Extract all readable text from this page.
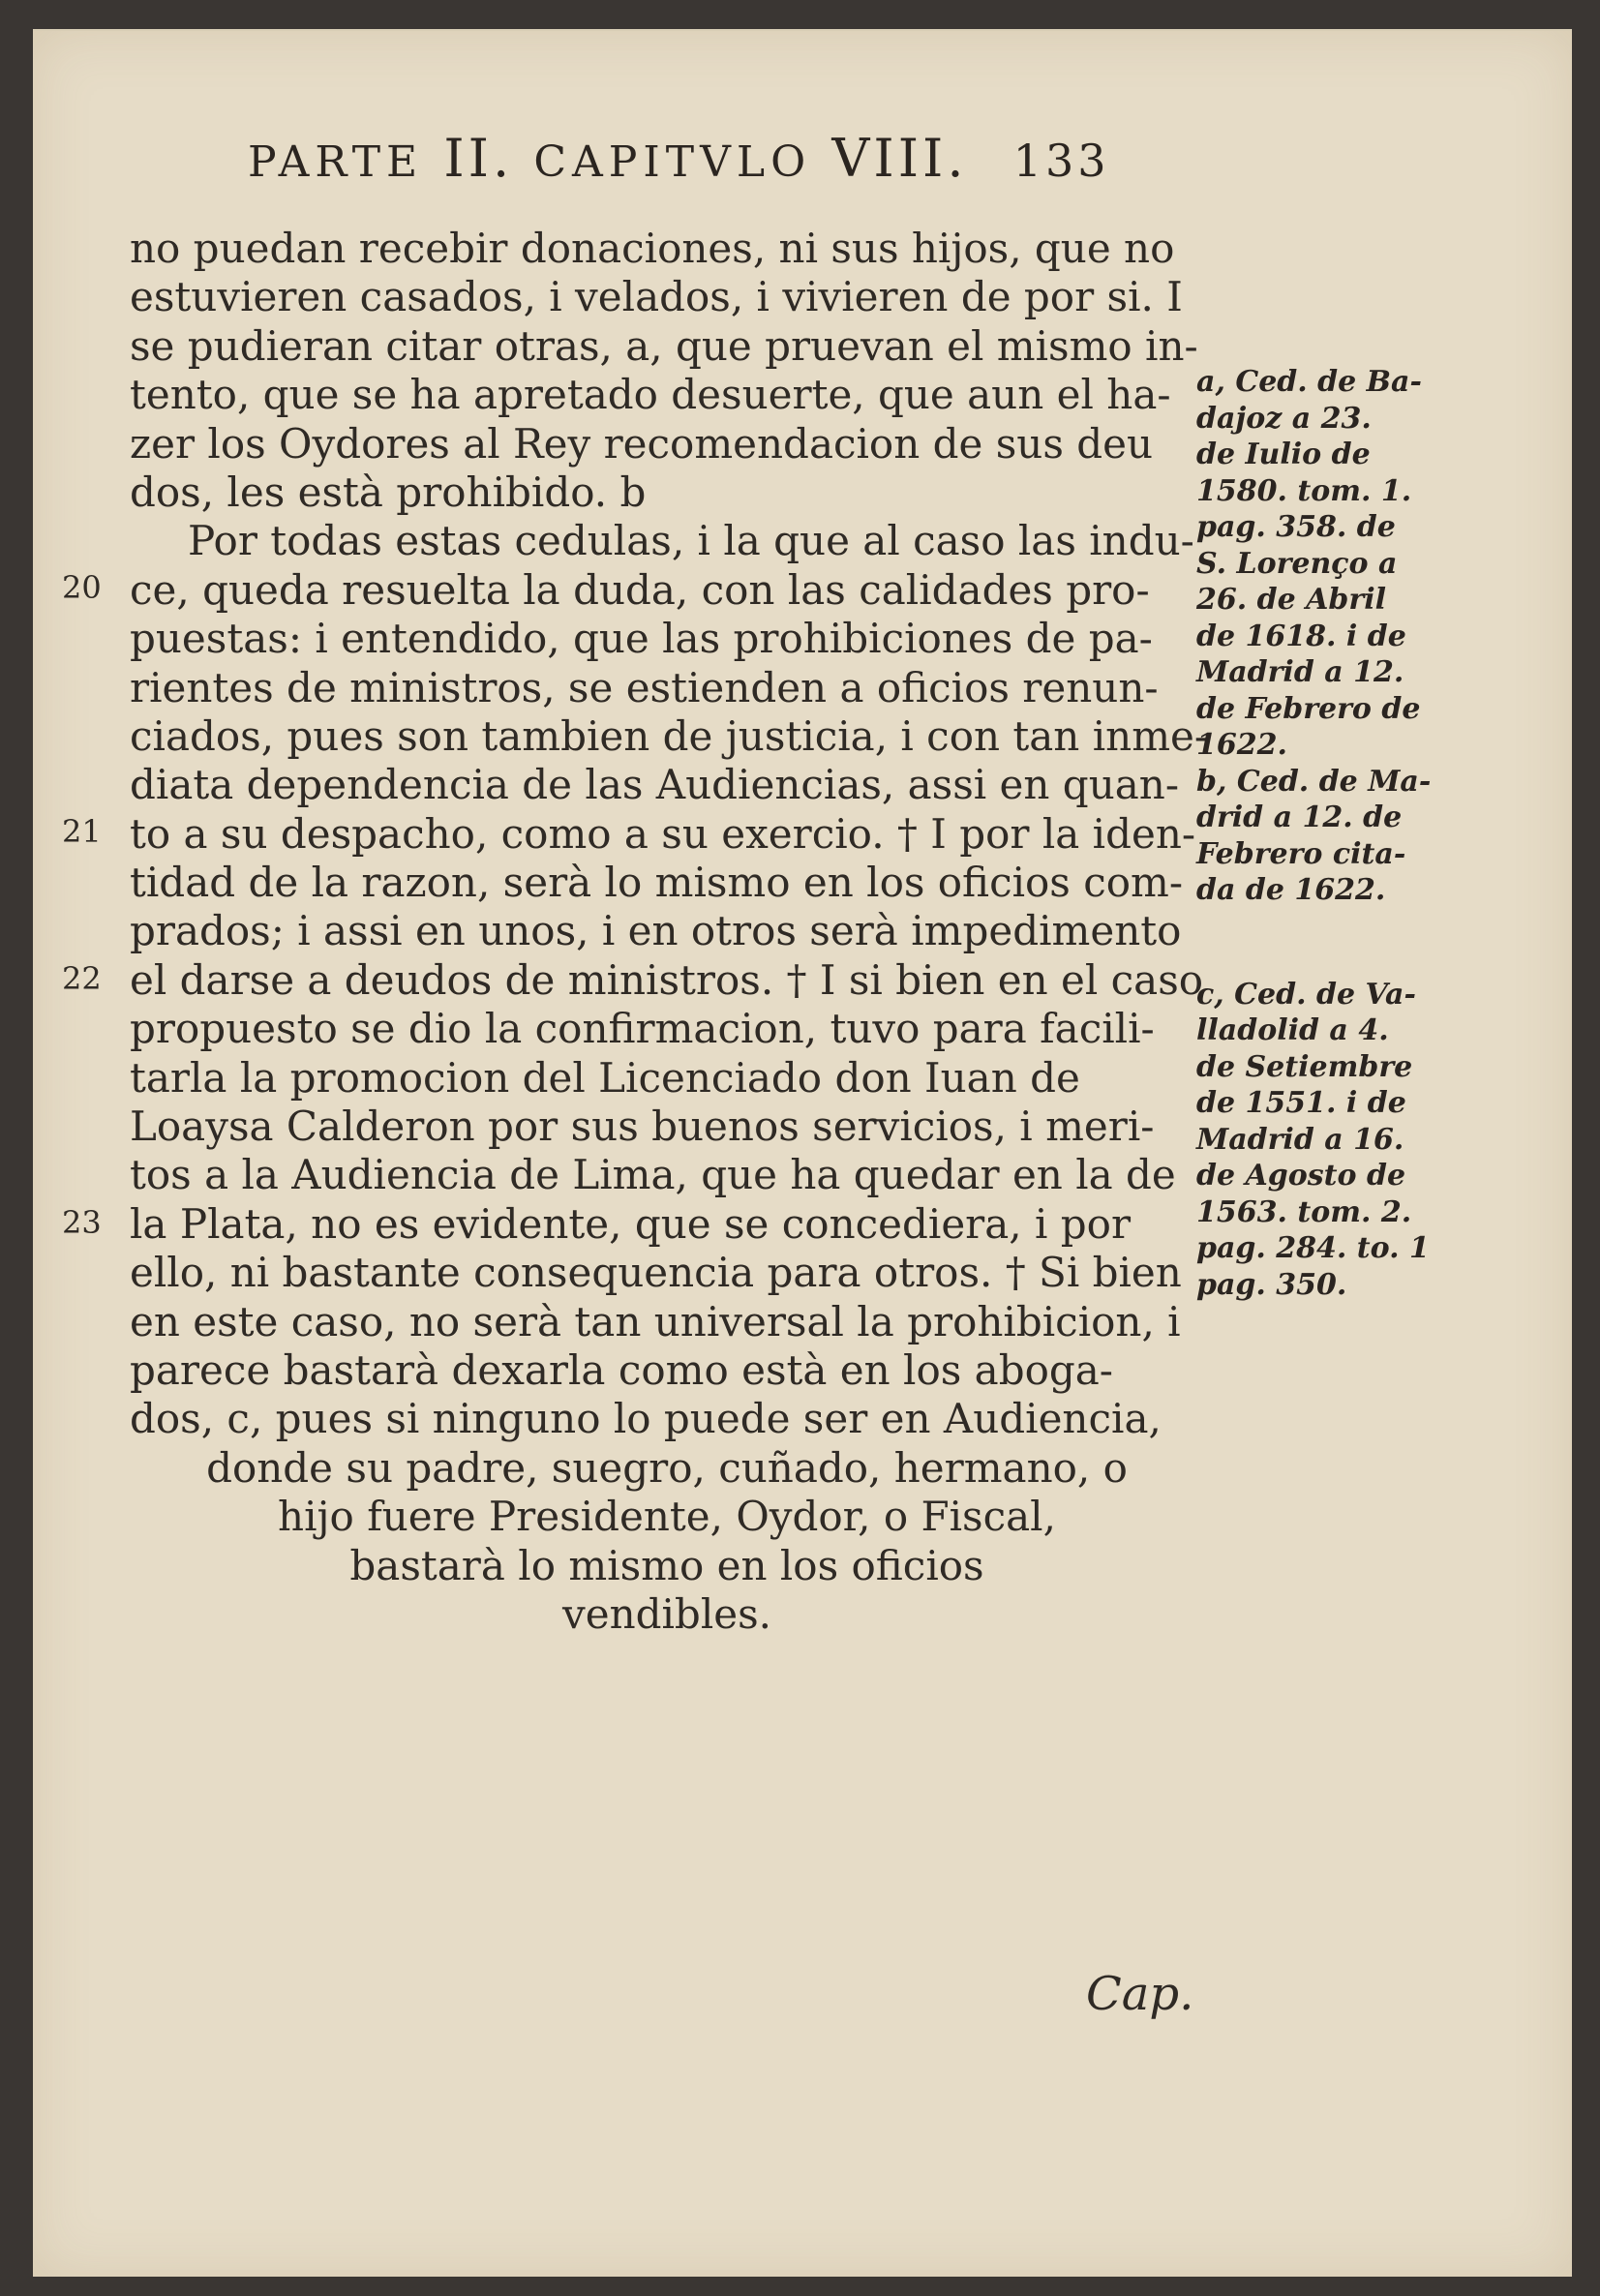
PARTE II. CAPITVLO VIII. 133
20
21
22
23
no puedan recebir donaciones, ni sus hijos, que no
estuvieren casados, i velados, i vivieren de por si. I
se pudieran citar otras, a, que pruevan el mismo in-
tento, que se ha apretado desuerte, que aun el ha-
zer los Oydores al Rey recomendacion de sus deu
dos, les està prohibido. b
Por todas estas cedulas, i la que al caso las indu-
ce, queda resuelta la duda, con las calidades pro-
puestas: i entendido, que las prohibiciones de pa-
rientes de ministros, se estienden a oficios renun-
ciados, pues son tambien de justicia, i con tan inme-
diata dependencia de las Audiencias, assi en quan-
to a su despacho, como a su exercio. † I por la iden-
tidad de la razon, serà lo mismo en los oficios com-
prados; i assi en unos, i en otros serà impedimento
el darse a deudos de ministros. † I si bien en el caso
propuesto se dio la confirmacion, tuvo para facili-
tarla la promocion del Licenciado don Iuan de
Loaysa Calderon por sus buenos servicios, i meri-
tos a la Audiencia de Lima, que ha quedar en la de
la Plata, no es evidente, que se concediera, i por
ello, ni bastante consequencia para otros. † Si bien
en este caso, no serà tan universal la prohibicion, i
parece bastarà dexarla como està en los aboga-
dos, c, pues si ninguno lo puede ser en Audiencia,
donde su padre, suegro, cuñado, hermano, o
hijo fuere Presidente, Oydor, o Fiscal,
bastarà lo mismo en los oficios
vendibles.
a, Ced. de Ba-
dajoz a 23.
de Iulio de
1580. tom. 1.
pag. 358. de
S. Lorenço a
26. de Abril
de 1618. i de
Madrid a 12.
de Febrero de
1622.
b, Ced. de Ma-
drid a 12. de
Febrero cita-
da de 1622.
c, Ced. de Va-
lladolid a 4.
de Setiembre
de 1551. i de
Madrid a 16.
de Agosto de
1563. tom. 2.
pag. 284. to. 1
pag. 350.
Cap.
